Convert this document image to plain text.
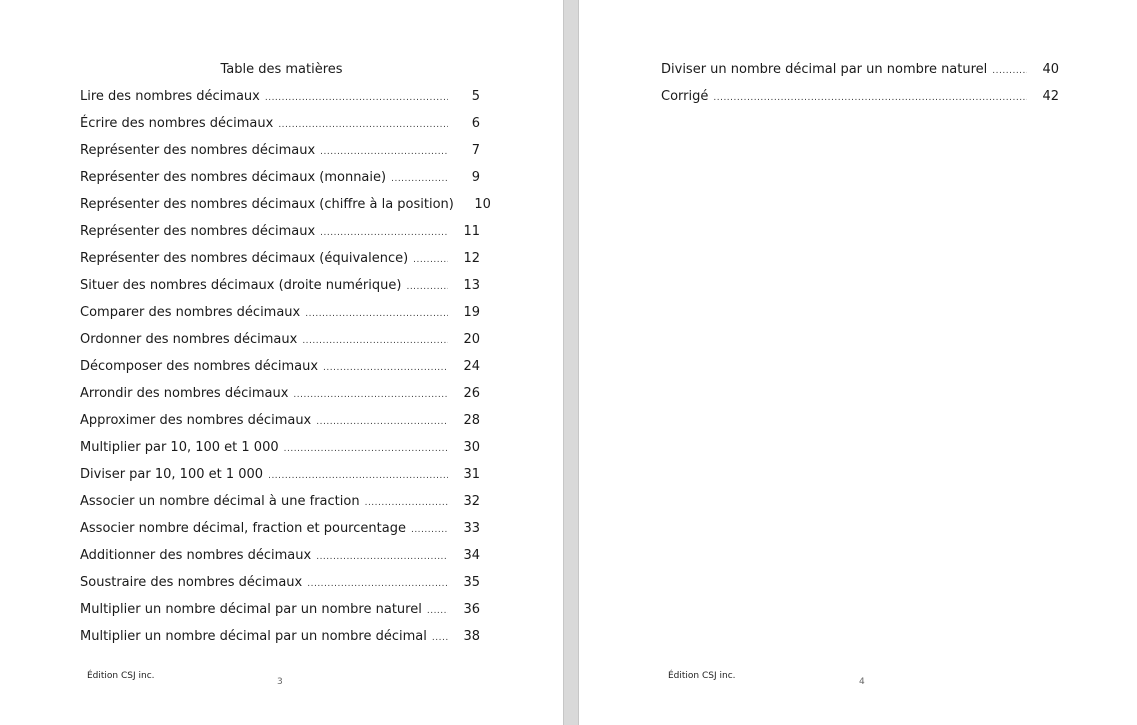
Table des matières
Lire des nombres décimaux .....	5
Écrire des nombres décimaux .....	6
Représenter des nombres décimaux .....	7
Représenter des nombres décimaux (monnaie) .....	9
Représenter des nombres décimaux (chiffre à la position)	10
Représenter des nombres décimaux .....	11
Représenter des nombres décimaux (équivalence) .....	12
Situer des nombres décimaux (droite numérique) .....	13
Comparer des nombres décimaux .....	19
Ordonner des nombres décimaux .....	20
Décomposer des nombres décimaux .....	24
Arrondir des nombres décimaux .....	26
Approximer des nombres décimaux .....	28
Multiplier par 10, 100 et 1 000 .....	30
Diviser par 10, 100 et 1 000 .....	31
Associer un nombre décimal à une fraction .....	32
Associer nombre décimal, fraction et pourcentage .....	33
Additionner des nombres décimaux .....	34
Soustraire des nombres décimaux .....	35
Multiplier un nombre décimal par un nombre naturel .....	36
Multiplier un nombre décimal par un nombre décimal .....	38
Édition CSJ inc.
3
Diviser un nombre décimal par un nombre naturel .....	40
Corrigé .....	42
Édition CSJ inc.
4
